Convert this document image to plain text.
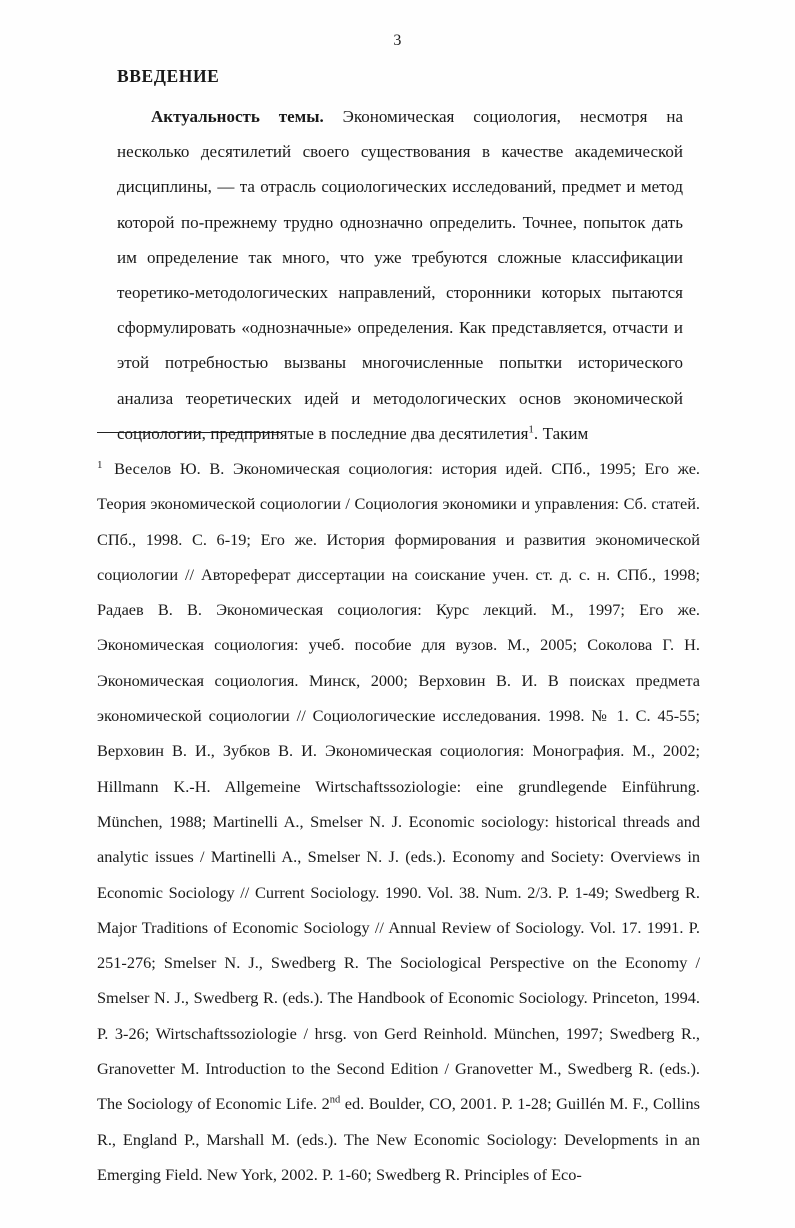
3
ВВЕДЕНИЕ

Актуальность темы. Экономическая социология, несмотря на несколько десятилетий своего существования в качестве академической дисциплины, — та отрасль социологических исследований, предмет и метод которой по-прежнему трудно однозначно определить. Точнее, попыток дать им определение так много, что уже требуются сложные классификации теоретико-методологических направлений, сторонники которых пытаются сформулировать «однозначные» определения. Как представляется, отчасти и этой потребностью вызваны многочисленные попытки исторического анализа теоретических идей и методологических основ экономической социологии, предпринятые в последние два десятилетия$^1$. Таким

$^1$ Веселов Ю. В. Экономическая социология: история идей. СПб., 1995; Его же. Теория экономической социологии / Социология экономики и управления: Сб. статей. СПб., 1998. С. 6-19; Его же. История формирования и развития экономической социологии // Автореферат диссертации на соискание учен. ст. д. с. н. СПб., 1998; Радаев В. В. Экономическая социология: Курс лекций. М., 1997; Его же. Экономическая социология: учеб. пособие для вузов. М., 2005; Соколова Г. Н. Экономическая социология. Минск, 2000; Верховин В. И. В поисках предмета экономической социологии // Социологические исследования. 1998. № 1. С. 45-55; Верховин В. И., Зубков В. И. Экономическая социология: Монография. М., 2002; Hillmann K.-H. Allgemeine Wirtschaftssoziologie: eine grundlegende Einführung. München, 1988; Martinelli A., Smelser N. J. Economic sociology: historical threads and analytic issues / Martinelli A., Smelser N. J. (eds.). Economy and Society: Overviews in Economic Sociology // Current Sociology. 1990. Vol. 38. Num. 2/3. P. 1-49; Swedberg R. Major Traditions of Economic Sociology // Annual Review of Sociology. Vol. 17. 1991. P. 251-276; Smelser N. J., Swedberg R. The Sociological Perspective on the Economy / Smelser N. J., Swedberg R. (eds.). The Handbook of Economic Sociology. Princeton, 1994. P. 3-26; Wirtschaftssoziologie / hrsg. von Gerd Reinhold. München, 1997; Swedberg R., Granovetter M. Introduction to the Second Edition / Granovetter M., Swedberg R. (eds.). The Sociology of Economic Life. 2nd ed. Boulder, CO, 2001. P. 1-28; Guillén M. F., Collins R., England P., Marshall M. (eds.). The New Economic Sociology: Developments in an Emerging Field. New York, 2002. P. 1-60; Swedberg R. Principles of Eco-
